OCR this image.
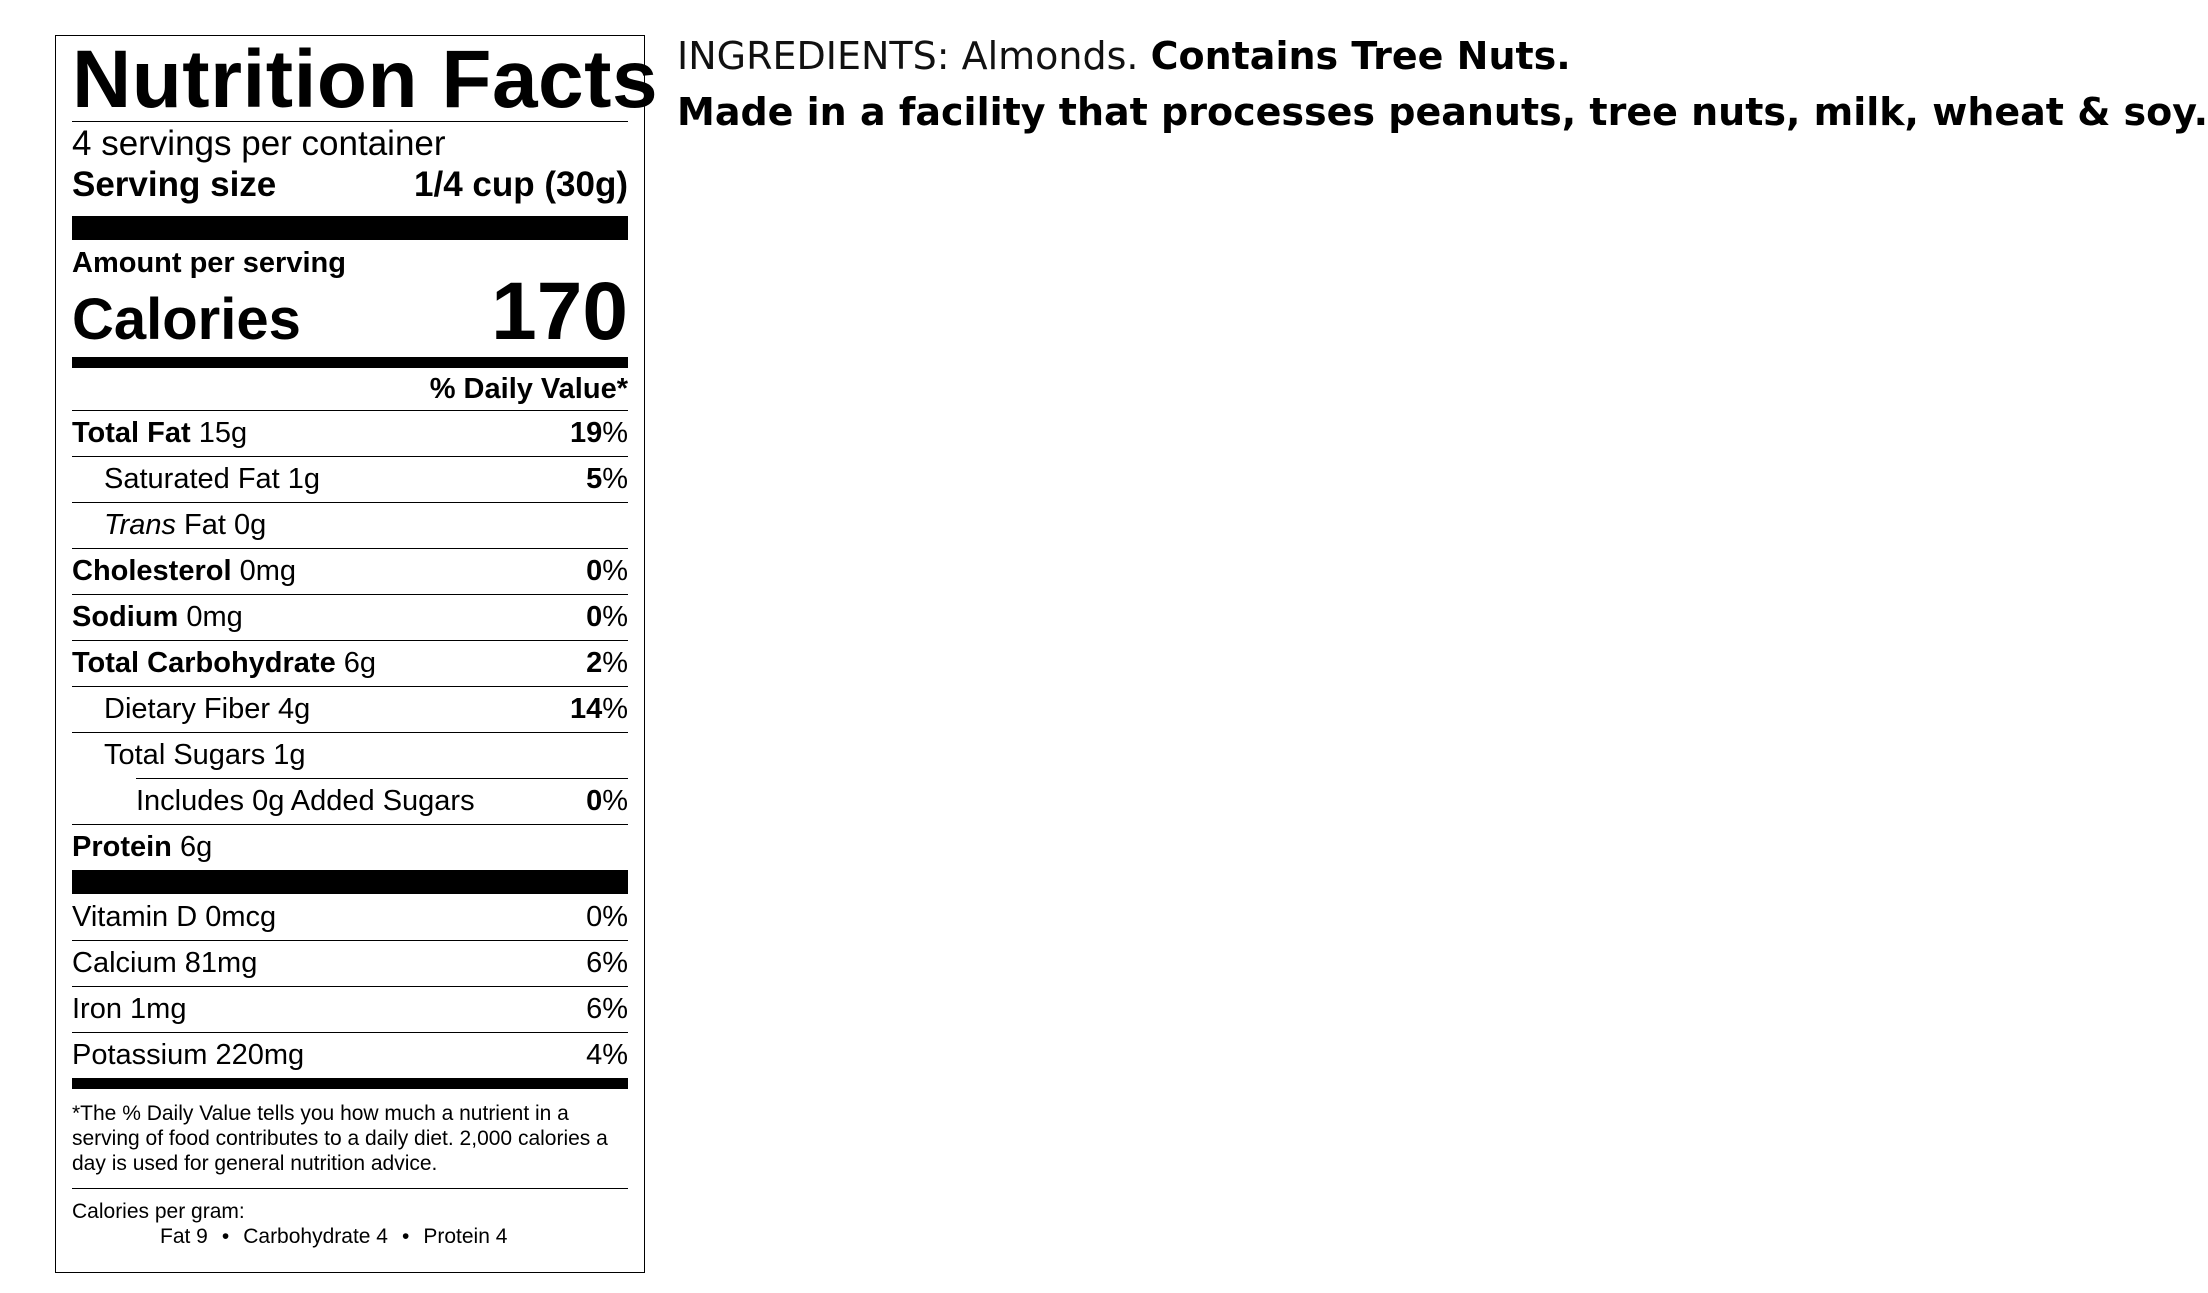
Nutrition Facts
4 servings per container
Serving size	1/4 cup (30g)
Amount per serving
Calories 170
% Daily Value*
Total Fat 15g	19%
Saturated Fat 1g	5%
Trans Fat 0g
Cholesterol 0mg	0%
Sodium 0mg	0%
Total Carbohydrate 6g	2%
Dietary Fiber 4g	14%
Total Sugars 1g
Includes 0g Added Sugars	0%
Protein 6g
Vitamin D 0mcg	0%
Calcium 81mg	6%
Iron 1mg	6%
Potassium 220mg	4%
*The % Daily Value tells you how much a nutrient in a serving of food contributes to a daily diet. 2,000 calories a day is used for general nutrition advice.
Calories per gram:
Fat 9 • Carbohydrate 4 • Protein 4
INGREDIENTS: Almonds. Contains Tree Nuts.
Made in a facility that processes peanuts, tree nuts, milk, wheat & soy.
